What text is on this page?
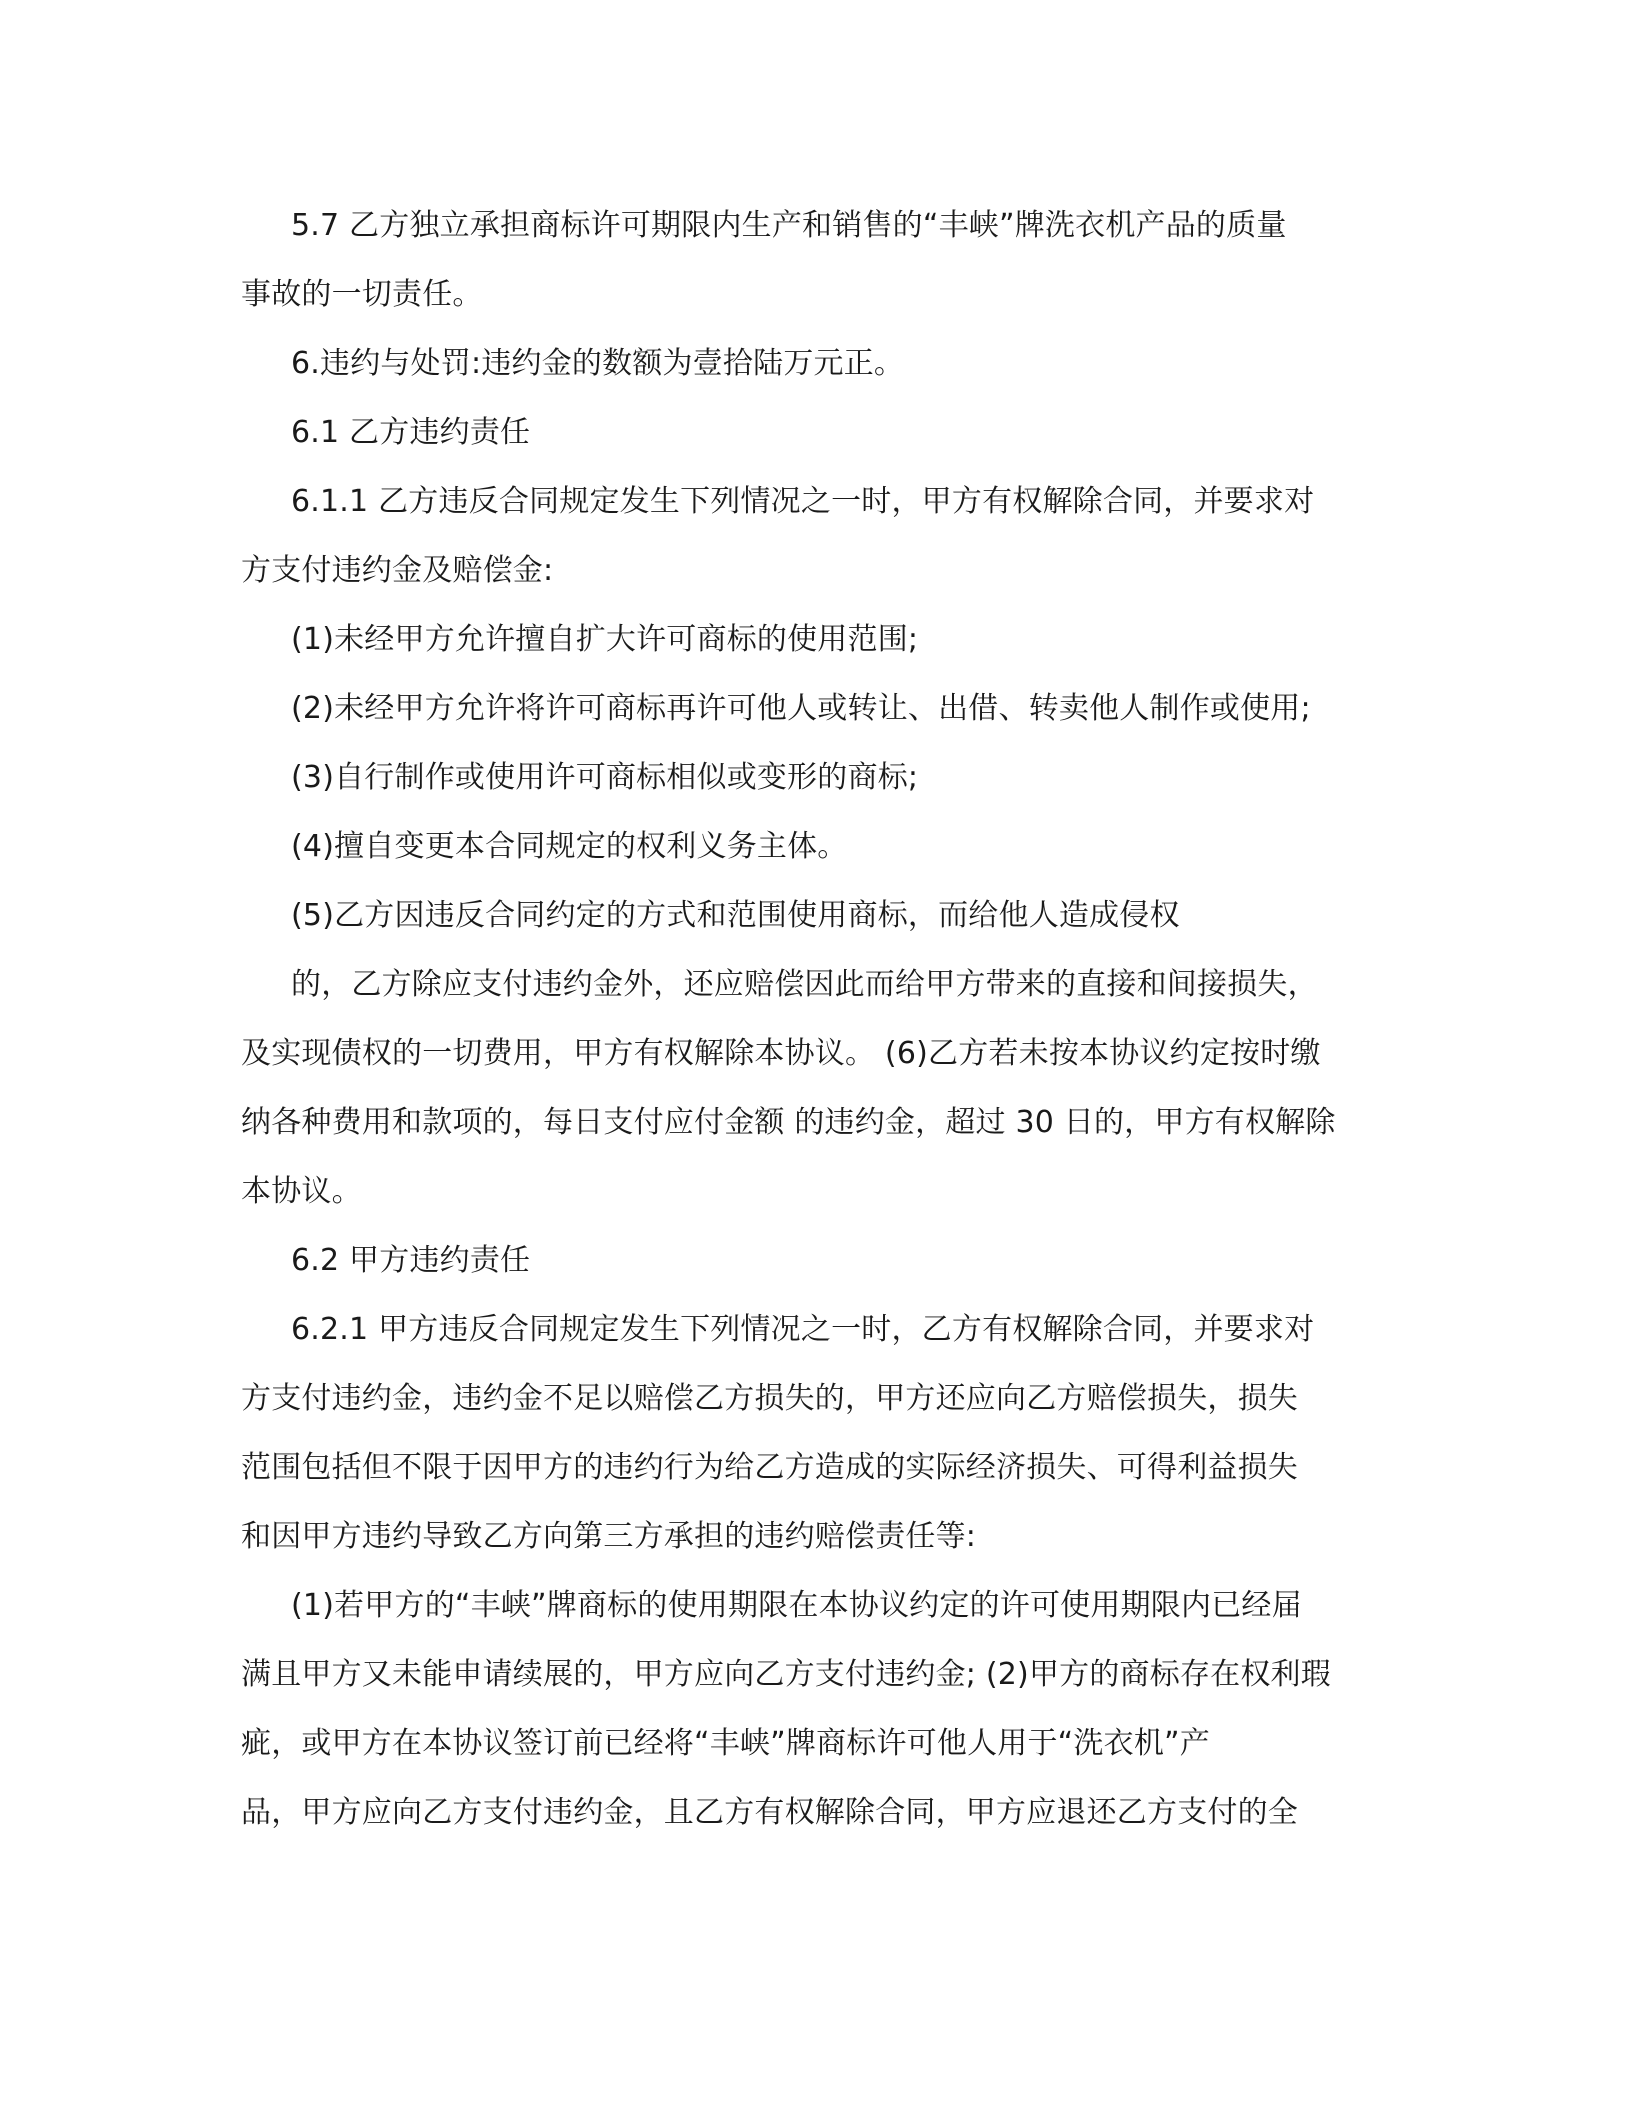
5.7 乙方独立承担商标许可期限内生产和销售的“丰峡”牌洗衣机产品的质量
事故的一切责任。
6.违约与处罚:违约金的数额为壹拾陆万元正。
6.1 乙方违约责任
6.1.1 乙方违反合同规定发生下列情况之一时，甲方有权解除合同，并要求对
方支付违约金及赔偿金:
(1)未经甲方允许擅自扩大许可商标的使用范围;
(2)未经甲方允许将许可商标再许可他人或转让、出借、转卖他人制作或使用;
(3)自行制作或使用许可商标相似或变形的商标;
(4)擅自变更本合同规定的权利义务主体。
(5)乙方因违反合同约定的方式和范围使用商标，而给他人造成侵权
的，乙方除应支付违约金外，还应赔偿因此而给甲方带来的直接和间接损失，
及实现债权的一切费用，甲方有权解除本协议。 (6)乙方若未按本协议约定按时缴
纳各种费用和款项的，每日支付应付金额 的违约金，超过 30 日的，甲方有权解除
本协议。
6.2 甲方违约责任
6.2.1 甲方违反合同规定发生下列情况之一时，乙方有权解除合同，并要求对
方支付违约金，违约金不足以赔偿乙方损失的，甲方还应向乙方赔偿损失，损失
范围包括但不限于因甲方的违约行为给乙方造成的实际经济损失、可得利益损失
和因甲方违约导致乙方向第三方承担的违约赔偿责任等:
(1)若甲方的“丰峡”牌商标的使用期限在本协议约定的许可使用期限内已经届
满且甲方又未能申请续展的，甲方应向乙方支付违约金; (2)甲方的商标存在权利瑕
疵，或甲方在本协议签订前已经将“丰峡”牌商标许可他人用于“洗衣机”产
品，甲方应向乙方支付违约金，且乙方有权解除合同，甲方应退还乙方支付的全
